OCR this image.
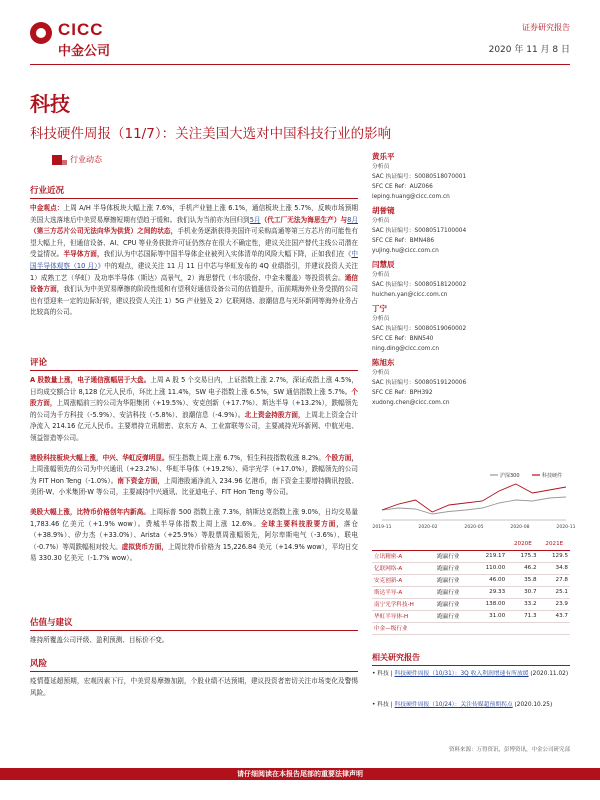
CICC
中金公司
证券研究报告
2020 年 11 月 8 日
科技
科技硬件周报（11/7）：关注美国大选对中国科技行业的影响
行业动态
行业近况
中金观点：上周 A/H 半导体板块大幅上涨 7.6%，手机产业链上涨 6.1%，通信板块上涨 5.7%，反映市场预期美国大选落地后中美贸易摩擦短期有望趋于缓和。我们认为当前亦为回归到5月（代工厂无法为海思生产）与8月（第三方芯片公司无法向华为供货）之间的状态，手机业务逐渐获得美国许可采购高通等第三方芯片的可能性有望大幅上升，但通信设备、AI、CPU 等业务获批许可证仍然存在很大不确定性，建议关注国产替代主线公司潜在受益情况。半导体方面，我们认为中芯国际等中国半导体企业被列入实体清单的风险大幅下降，正如我们在《中国半导体观察（10 月）》中的观点，建议关注 11 月 11 日中芯与华虹发布的 4Q 业绩指引，并建议投资人关注 1）成熟工艺（华虹）及功率半导体（斯达）高景气，2）海思替代（韦尔股份、中金未覆盖）等投资机会。通信设备方面，我们认为中美贸易摩擦的阶段性缓和有望利好通信设备公司的估值提升，而前期海外业务受损的公司也有望迎来一定的边际好转，建议投资人关注 1）5G 产业链及 2）亿联网络、浪潮信息与光环新网等海外业务占比较高的公司。
评论
A 股数量上涨，电子通信涨幅居于大盘。上周 A 股 5 个交易日内，上证指数上涨 2.7%，深证成指上涨 4.5%，日均成交额合计 8,128 亿元人民币，环比上涨 11.4%，SW 电子指数上涨 6.5%，SW 通信指数上涨 5.7%。个股方面，上周涨幅前三的公司为华阳集团（+19.5%）、安克创新（+17.7%）、斯达半导（+13.2%），跌幅领先的公司为千方科技（-5.9%）、安洁科技（-5.8%）、浪潮信息（-4.9%）。北上资金持股方面，上周北上资金合计净流入 214.16 亿元人民币。主要增持立讯精密、京东方 A、工业富联等公司，主要减持光环新网、中航光电、领益智造等公司。
港股科技板块大幅上涨，中兴、华虹反弹明显。恒生指数上周上涨 6.7%，恒生科技指数收涨 8.2%。个股方面，上周涨幅领先的公司为中兴通讯（+23.2%）、华虹半导体（+19.2%）、舜宇光学（+17.0%），跌幅领先的公司为 FIT Hon Teng（-1.0%）。南下资金方面，上周港股通净流入 234.96 亿港币，南下资金主要增持腾讯控股、美团-W、小米集团-W 等公司，主要减持中兴通讯、比亚迪电子、FIT Hon Teng 等公司。
美股大幅上涨，比特币价格创年内新高。上周标普 500 指数上涨 7.3%，纳斯达克指数上涨 9.0%，日均交易量 1,783.46 亿美元（+1.9% wow）。费城半导体指数上周上涨 12.6%。全球主要科技股要方面，落仓（+38.9%）、矽力杰（+33.0%）、Arista（+25.9%）等股票周涨幅领先，阿尔卑斯电气（-3.6%）、联电（-0.7%）等周跌幅相对较大。虚拟货币方面，上周比特币价格为 15,226.84 美元（+14.9% wow），平均日交易 330.30 亿美元（-1.7% wow）。
估值与建议
维持所覆盖公司评级、盈利预测、目标价不变。
风险
疫情蔓延超预期，宏观因素下行，中美贸易摩擦加剧，个股业绩不达预期，建议投资者密切关注市场变化及警惕风险。
黄乐平
分析员
SAC 执证编号：S0080518070001
SFC CE Ref：AUZ066
leping.huang@cicc.com.cn
胡誉镜
分析员
SAC 执证编号：S0080517100004
SFC CE Ref：BMN486
yujing.hu@cicc.com.cn
闫慧辰
分析员
SAC 执证编号：S0080518120002
huichen.yan@cicc.com.cn
丁宁
分析员
SAC 执证编号：S0080519060002
SFC CE Ref：BNN540
ning.ding@cicc.com.cn
陈旭东
分析员
SAC 执证编号：S0080519120006
SFC CE Ref：BPH392
xudong.chen@cicc.com.cn
沪深300	科技硬件
2019-11	2020-02	2020-05	2020-08	2020-11
			2020E	2021E
立讯精密-A	跑赢行业	219.17	175.3	129.5
亿联网络-A	跑赢行业	110.00	46.2	34.8
安克创新-A	跑赢行业	46.00	35.8	27.8
斯达半导-A	跑赢行业	29.33	30.7	25.1
南宁光学科技-H	跑赢行业	138.00	33.2	23.9
华虹半导体-H	跑赢行业	31.00	71.3	43.7
中金—级行业				
相关研究报告
• 科技 | 科技硬件周报（10/31）：3Q 收入利润增速有所放缓 (2020.11.02)
• 科技 | 科技硬件周报（10/24）：关注传媒超预期拐点 (2020.10.25)
资料来源：万得资讯，彭博资讯，中金公司研究部
请仔细阅读在本报告尾部的重要法律声明
